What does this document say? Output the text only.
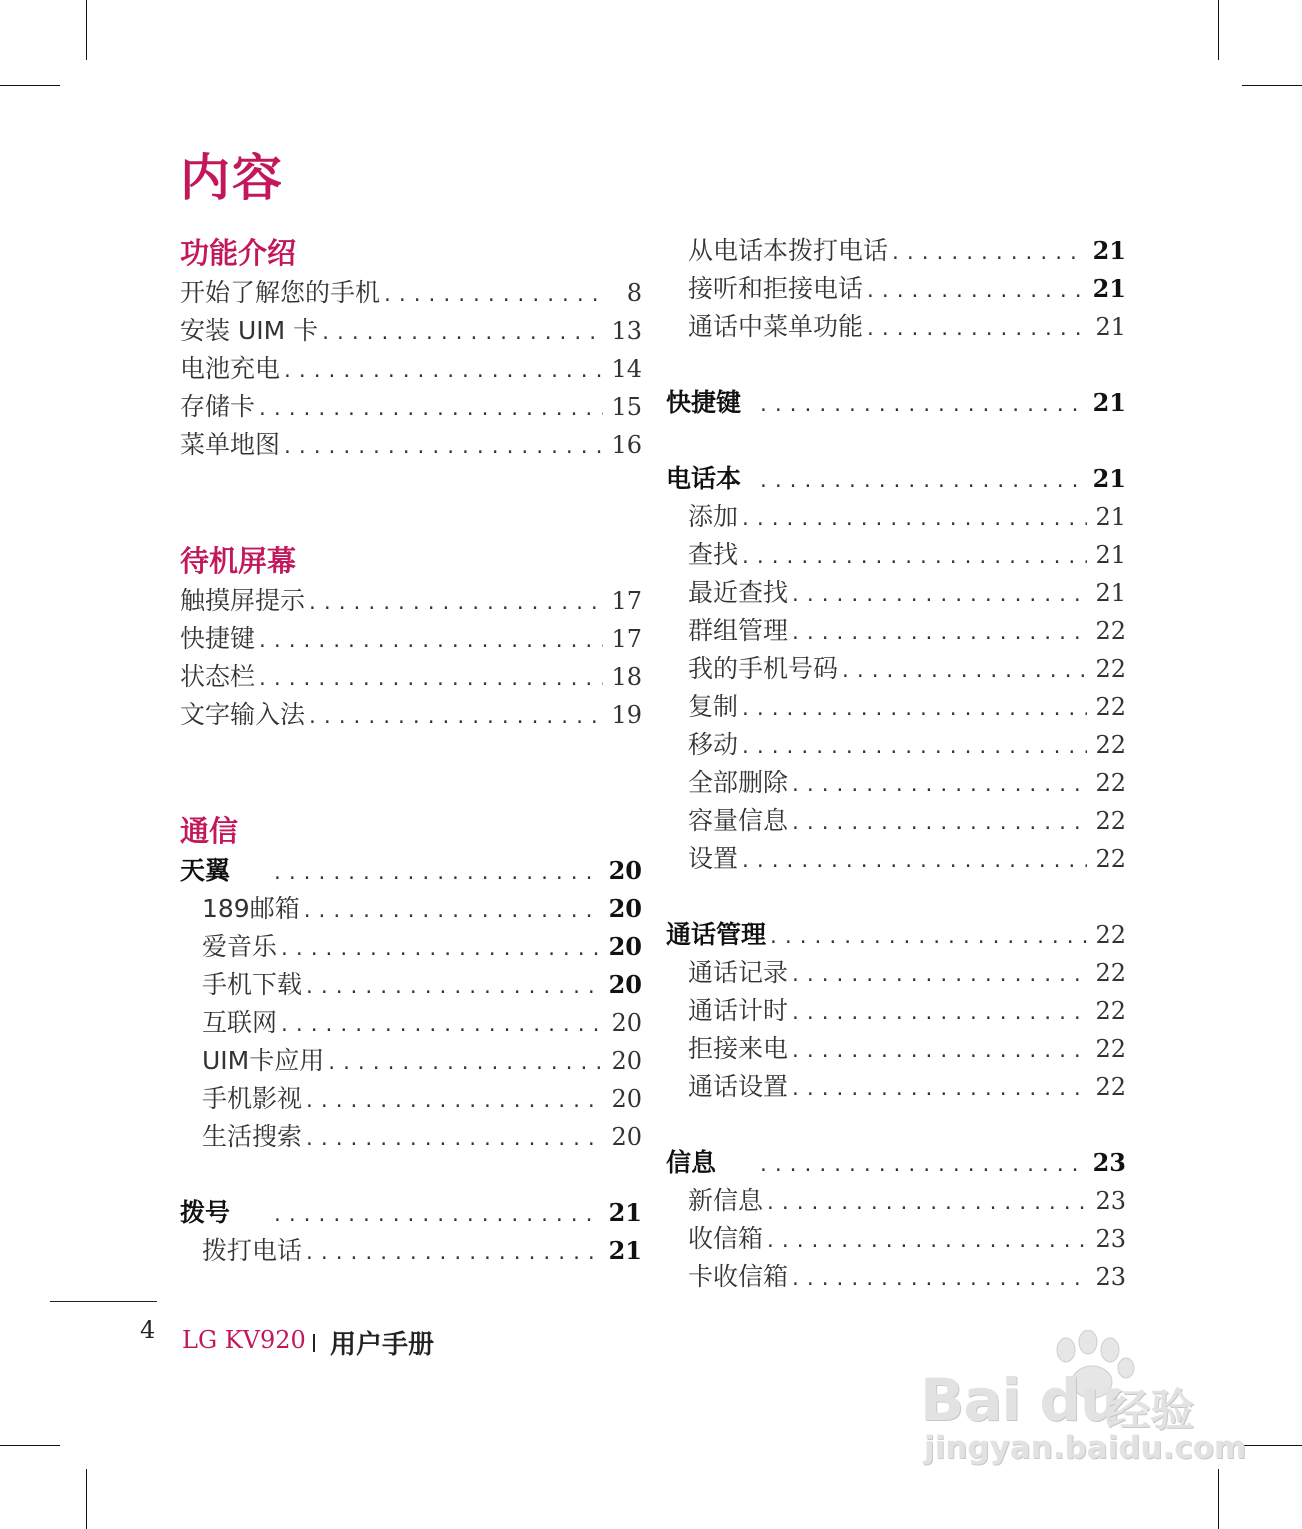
内容
功能介绍
开始了解您的手机 .....	8
安装 UIM 卡 .....	13
电池充电 .....	14
存储卡 .....	15
菜单地图 .....	16
待机屏幕
触摸屏提示 .....	17
快捷键 .....	17
状态栏 .....	18
文字输入法 .....	19
通信
天翼 .....	20
189邮箱 .....	20
爱音乐 .....	20
手机下载 .....	20
互联网 .....	20
UIM卡应用 .....	20
手机影视 .....	20
生活搜索 .....	20
拨号 .....	21
拨打电话 .....	21
从电话本拨打电话 .....	21
接听和拒接电话 .....	21
通话中菜单功能 .....	21
快捷键 .....	21
电话本 .....	21
添加 .....	21
查找 .....	21
最近查找 .....	21
群组管理 .....	22
我的手机号码 .....	22
复制 .....	22
移动 .....	22
全部删除 .....	22
容量信息 .....	22
设置 .....	22
通话管理 .....	22
通话记录 .....	22
通话计时 .....	22
拒接来电 .....	22
通话设置 .....	22
信息 .....	23
新信息 .....	23
收信箱 .....	23
卡收信箱 .....	23
4 LG KV920 用户手册
Bai du
经验
jingyan.baidu.com
